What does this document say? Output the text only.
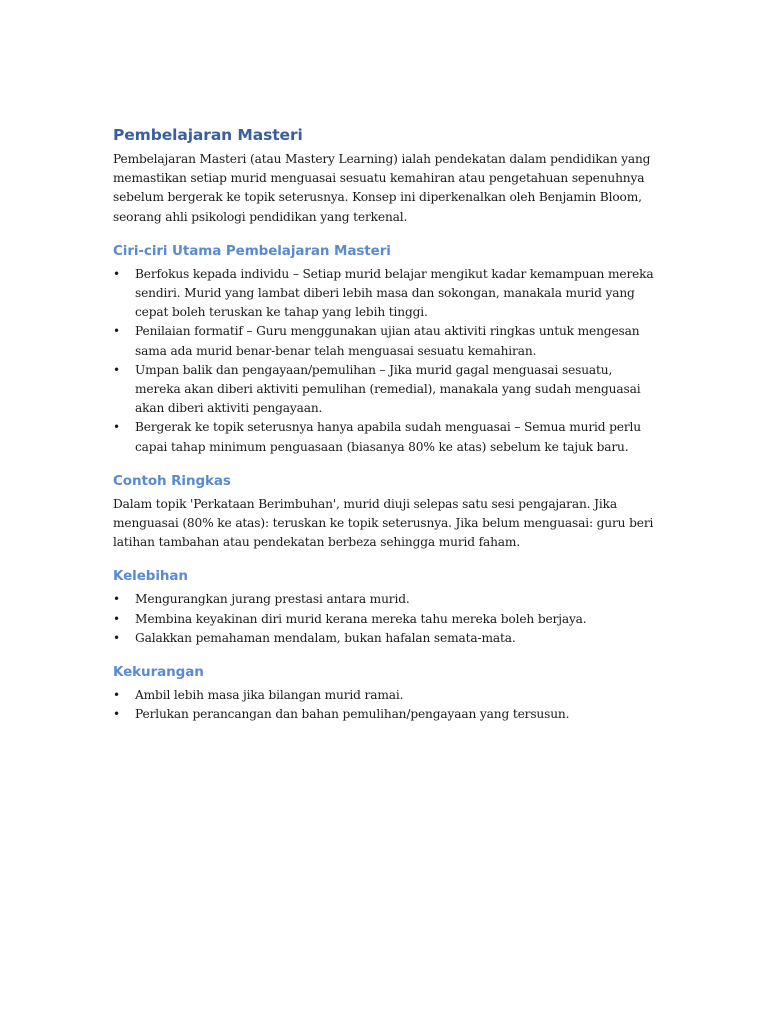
Pembelajaran Masteri

Pembelajaran Masteri (atau Mastery Learning) ialah pendekatan dalam pendidikan yang memastikan setiap murid menguasai sesuatu kemahiran atau pengetahuan sepenuhnya sebelum bergerak ke topik seterusnya. Konsep ini diperkenalkan oleh Benjamin Bloom, seorang ahli psikologi pendidikan yang terkenal.

Ciri-ciri Utama Pembelajaran Masteri
• Berfokus kepada individu – Setiap murid belajar mengikut kadar kemampuan mereka sendiri. Murid yang lambat diberi lebih masa dan sokongan, manakala murid yang cepat boleh teruskan ke tahap yang lebih tinggi.
• Penilaian formatif – Guru menggunakan ujian atau aktiviti ringkas untuk mengesan sama ada murid benar-benar telah menguasai sesuatu kemahiran.
• Umpan balik dan pengayaan/pemulihan – Jika murid gagal menguasai sesuatu, mereka akan diberi aktiviti pemulihan (remedial), manakala yang sudah menguasai akan diberi aktiviti pengayaan.
• Bergerak ke topik seterusnya hanya apabila sudah menguasai – Semua murid perlu capai tahap minimum penguasaan (biasanya 80% ke atas) sebelum ke tajuk baru.
Contoh Ringkas

Dalam topik 'Perkataan Berimbuhan', murid diuji selepas satu sesi pengajaran. Jika menguasai (80% ke atas): teruskan ke topik seterusnya. Jika belum menguasai: guru beri latihan tambahan atau pendekatan berbeza sehingga murid faham.

Kelebihan
• Mengurangkan jurang prestasi antara murid.
• Membina keyakinan diri murid kerana mereka tahu mereka boleh berjaya.
• Galakkan pemahaman mendalam, bukan hafalan semata-mata.
Kekurangan
• Ambil lebih masa jika bilangan murid ramai.
• Perlukan perancangan dan bahan pemulihan/pengayaan yang tersusun.
